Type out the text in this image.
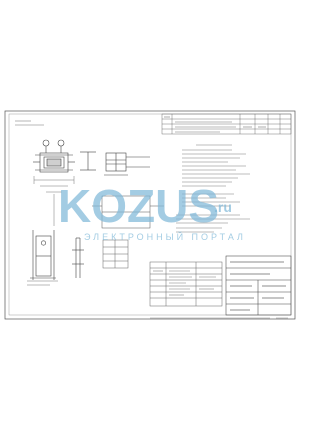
KOZUS
.ru
ЭЛЕКТРОННЫЙ ПОРТАЛ
